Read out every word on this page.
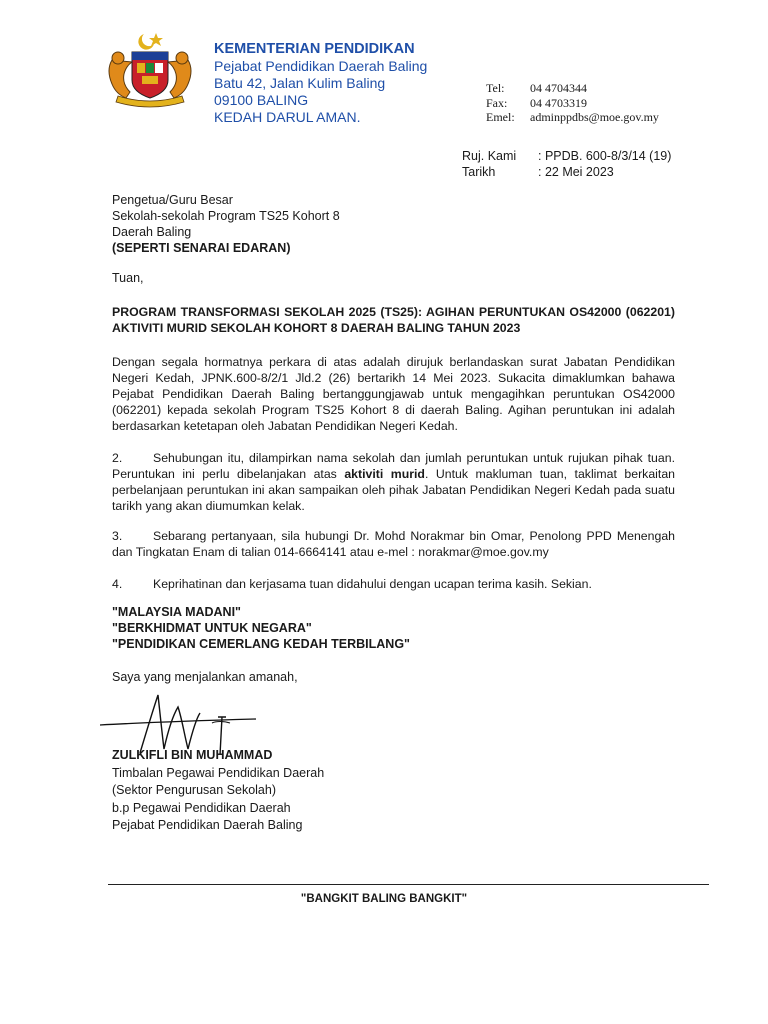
KEMENTERIAN PENDIDIKAN
Pejabat Pendidikan Daerah Baling
Batu 42, Jalan Kulim Baling
09100 BALING
KEDAH DARUL AMAN.
Tel:	04 4704344
Fax:	04 4703319
Emel:	adminppdbs@moe.gov.my
Ruj. Kami	: PPDB. 600-8/3/14 (19)
Tarikh	: 22 Mei 2023
Pengetua/Guru Besar
Sekolah-sekolah Program TS25 Kohort 8
Daerah Baling
(SEPERTI SENARAI EDARAN)
Tuan,
PROGRAM TRANSFORMASI SEKOLAH 2025 (TS25): AGIHAN PERUNTUKAN OS42000 (062201) AKTIVITI MURID SEKOLAH KOHORT 8 DAERAH BALING TAHUN 2023
Dengan segala hormatnya perkara di atas adalah dirujuk berlandaskan surat Jabatan Pendidikan Negeri Kedah, JPNK.600-8/2/1 Jld.2 (26) bertarikh 14 Mei 2023. Sukacita dimaklumkan bahawa Pejabat Pendidikan Daerah Baling bertanggungjawab untuk mengagihkan peruntukan OS42000 (062201) kepada sekolah Program TS25 Kohort 8 di daerah Baling. Agihan peruntukan ini adalah berdasarkan ketetapan oleh Jabatan Pendidikan Negeri Kedah.
2. Sehubungan itu, dilampirkan nama sekolah dan jumlah peruntukan untuk rujukan pihak tuan. Peruntukan ini perlu dibelanjakan atas aktiviti murid. Untuk makluman tuan, taklimat berkaitan perbelanjaan peruntukan ini akan sampaikan oleh pihak Jabatan Pendidikan Negeri Kedah pada suatu tarikh yang akan diumumkan kelak.
3. Sebarang pertanyaan, sila hubungi Dr. Mohd Norakmar bin Omar, Penolong PPD Menengah dan Tingkatan Enam di talian 014-6664141 atau e-mel : norakmar@moe.gov.my
4. Keprihatinan dan kerjasama tuan didahului dengan ucapan terima kasih. Sekian.
"MALAYSIA MADANI"
"BERKHIDMAT UNTUK NEGARA"
"PENDIDIKAN CEMERLANG KEDAH TERBILANG"
Saya yang menjalankan amanah,
ZULKIFLI BIN MUHAMMAD
Timbalan Pegawai Pendidikan Daerah
(Sektor Pengurusan Sekolah)
b.p Pegawai Pendidikan Daerah
Pejabat Pendidikan Daerah Baling
"BANGKIT BALING BANGKIT"
